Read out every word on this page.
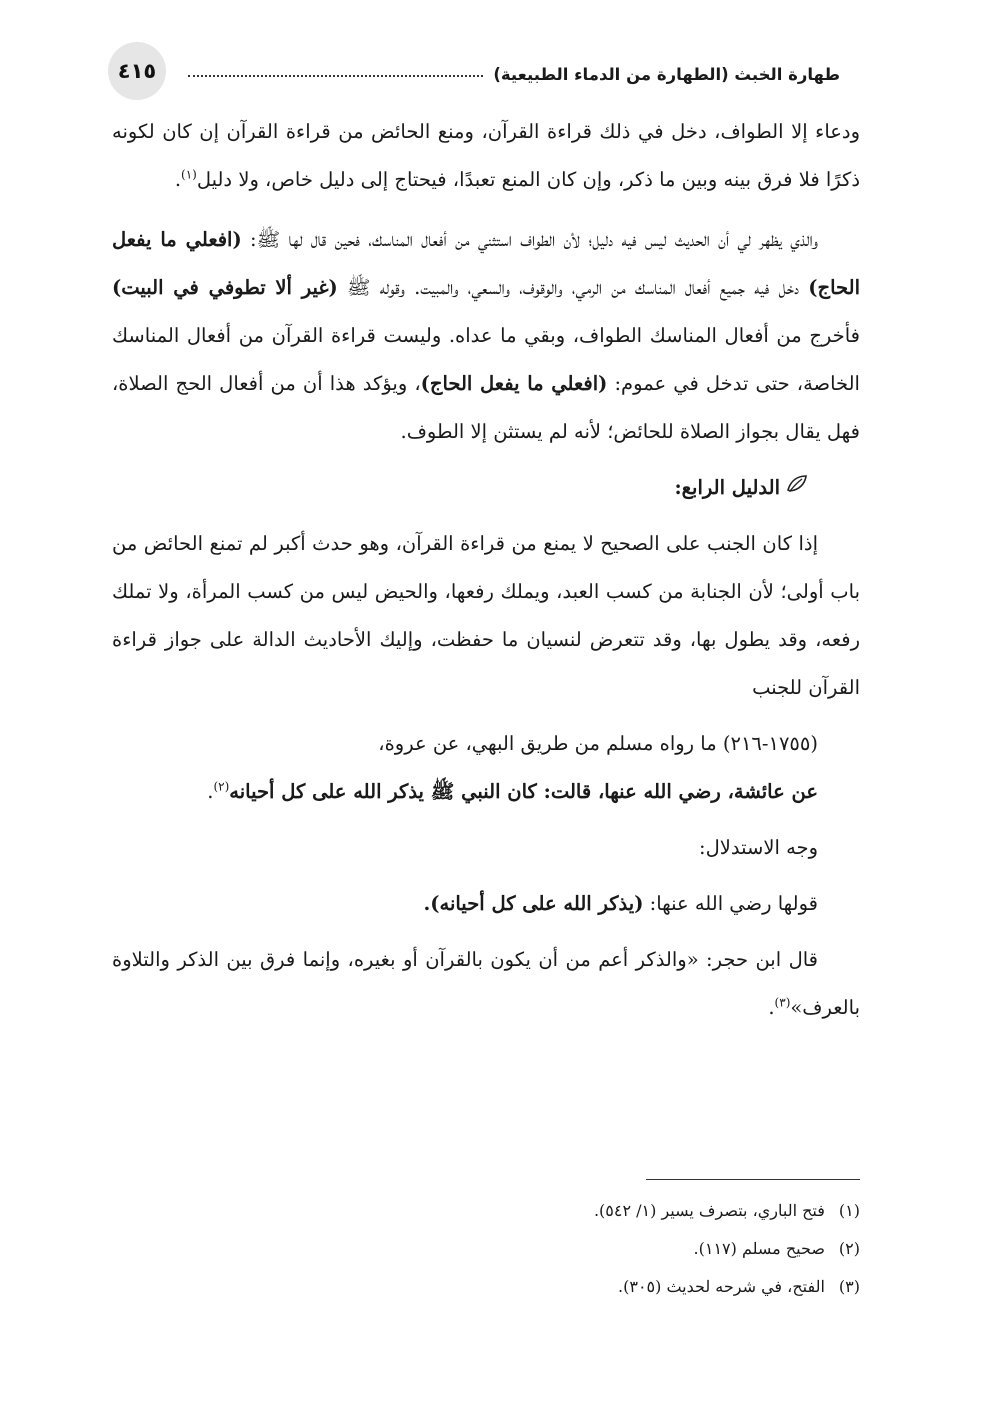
٤١٥	طهارة الخبث (الطهارة من الدماء الطبيعية)

ودعاء إلا الطواف، دخل في ذلك قراءة القرآن، ومنع الحائض من قراءة القرآن إن كان لكونه ذكرًا فلا فرق بينه وبين ما ذكر، وإن كان المنع تعبدًا، فيحتاج إلى دليل خاص، ولا دليل$^{(١)}$.

والذي يظهر لي أن الحديث ليس فيه دليل؛ لأن الطواف استثني من أفعال المناسك، فحين قال لها ﷺ: (افعلي ما يفعل الحاج) دخل فيه جميع أفعال المناسك من الرمي، والوقوف، والسعي، والمبيت. وقوله ﷺ (غير ألا تطوفي في البيت) فأخرج من أفعال المناسك الطواف، وبقي ما عداه. وليست قراءة القرآن من أفعال المناسك الخاصة، حتى تدخل في عموم: (افعلي ما يفعل الحاج)، ويؤكد هذا أن من أفعال الحج الصلاة، فهل يقال بجواز الصلاة للحائض؛ لأنه لم يستثن إلا الطوف.

الدليل الرابع:

إذا كان الجنب على الصحيح لا يمنع من قراءة القرآن، وهو حدث أكبر لم تمنع الحائض من باب أولى؛ لأن الجنابة من كسب العبد، ويملك رفعها، والحيض ليس من كسب المرأة، ولا تملك رفعه، وقد يطول بها، وقد تتعرض لنسيان ما حفظت، وإليك الأحاديث الدالة على جواز قراءة القرآن للجنب

(١٧٥٥-٢١٦) ما رواه مسلم من طريق البهي، عن عروة،

عن عائشة، رضي الله عنها، قالت: كان النبي ﷺ يذكر الله على كل أحيانه$^{(٢)}$.

وجه الاستدلال:

قولها رضي الله عنها: (يذكر الله على كل أحيانه).

قال ابن حجر: «والذكر أعم من أن يكون بالقرآن أو بغيره، وإنما فرق بين الذكر والتلاوة بالعرف»$^{(٣)}$.

(١)فتح الباري، بتصرف يسير (١/ ٥٤٢).

(٢)صحيح مسلم (١١٧).

(٣)الفتح، في شرحه لحديث (٣٠٥).
